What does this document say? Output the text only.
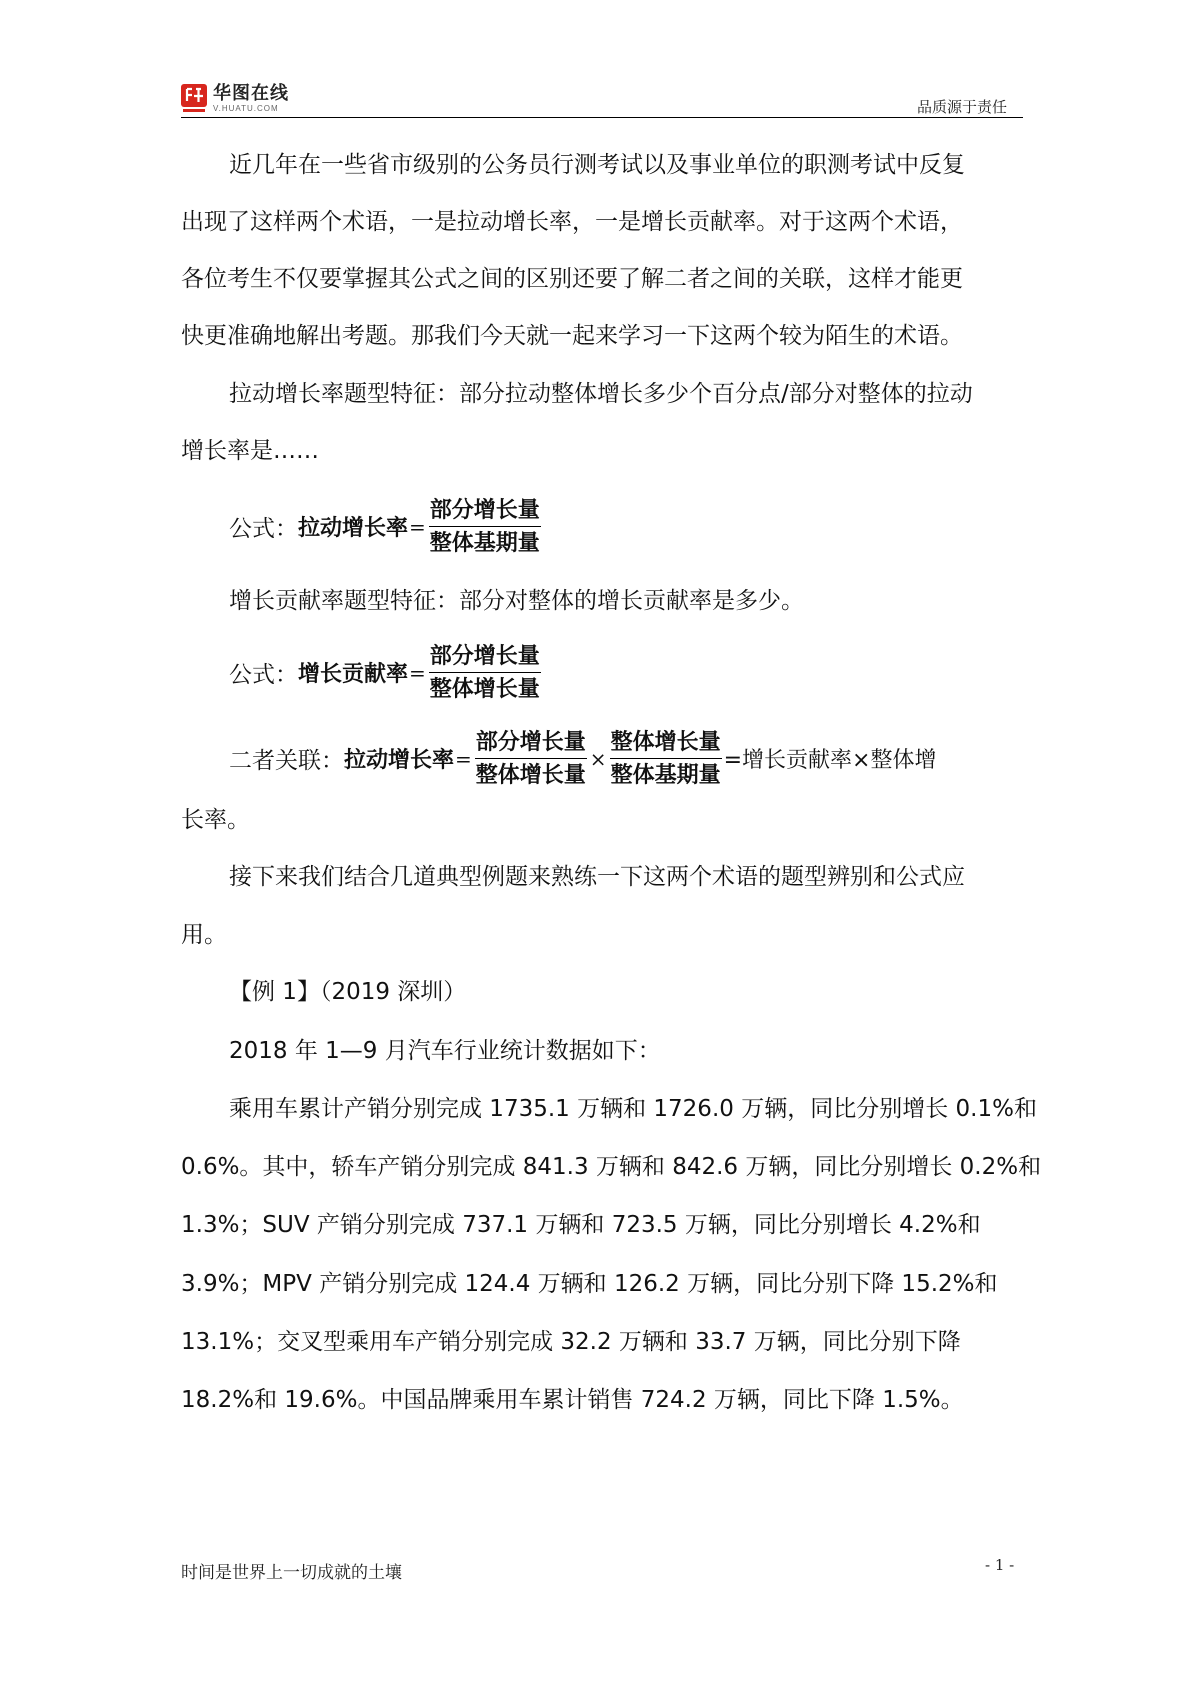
华图在线
V.HUATU.COM	品质源于责任
近几年在一些省市级别的公务员行测考试以及事业单位的职测考试中反复
出现了这样两个术语，一是拉动增长率，一是增长贡献率。对于这两个术语，
各位考生不仅要掌握其公式之间的区别还要了解二者之间的关联，这样才能更
快更准确地解出考题。那我们今天就一起来学习一下这两个较为陌生的术语。
拉动增长率题型特征：部分拉动整体增长多少个百分点/部分对整体的拉动
增长率是……
公式： 拉动增长率 = $\frac{\text{部分增长量}}{\text{整体基期量}}$
增长贡献率题型特征：部分对整体的增长贡献率是多少。
公式： 增长贡献率 = $\frac{\text{部分增长量}}{\text{整体增长量}}$
二者关联： 拉动增长率 = $\frac{\text{部分增长量}}{\text{整体增长量}} \times \frac{\text{整体增长量}}{\text{整体基期量}}$ =增长贡献率×整体增
长率。
接下来我们结合几道典型例题来熟练一下这两个术语的题型辨别和公式应
用。
【例 1】（2019 深圳）
2018 年 1—9 月汽车行业统计数据如下：
乘用车累计产销分别完成 1735.1 万辆和 1726.0 万辆，同比分别增长 0.1%和
0.6%。其中，轿车产销分别完成 841.3 万辆和 842.6 万辆，同比分别增长 0.2%和
1.3%；SUV 产销分别完成 737.1 万辆和 723.5 万辆，同比分别增长 4.2%和
3.9%；MPV 产销分别完成 124.4 万辆和 126.2 万辆，同比分别下降 15.2%和
13.1%；交叉型乘用车产销分别完成 32.2 万辆和 33.7 万辆，同比分别下降
18.2%和 19.6%。中国品牌乘用车累计销售 724.2 万辆，同比下降 1.5%。
时间是世界上一切成就的土壤	- 1 -
